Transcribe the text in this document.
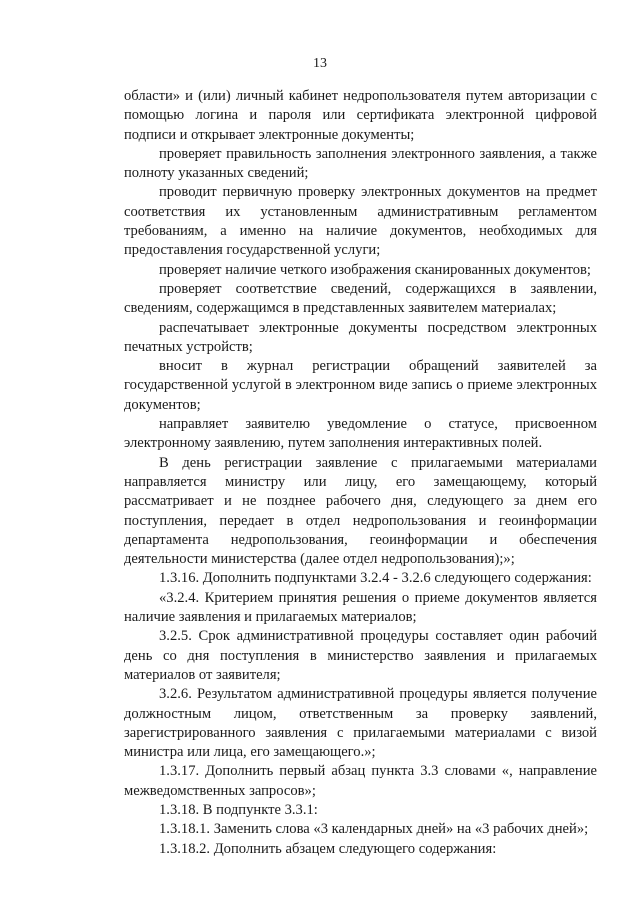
13

области» и (или) личный кабинет недропользователя путем авторизации с помощью логина и пароля или сертификата электронной цифровой подписи и открывает электронные документы;

проверяет правильность заполнения электронного заявления, а также полноту указанных сведений;

проводит первичную проверку электронных документов на предмет соответствия их установленным административным регламентом требованиям, а именно на наличие документов, необходимых для предоставления государственной услуги;

проверяет наличие четкого изображения сканированных документов;

проверяет соответствие сведений, содержащихся в заявлении, сведениям, содержащимся в представленных заявителем материалах;

распечатывает электронные документы посредством электронных печатных устройств;

вносит в журнал регистрации обращений заявителей за государственной услугой в электронном виде запись о приеме электронных документов;

направляет заявителю уведомление о статусе, присвоенном электронному заявлению, путем заполнения интерактивных полей.

В день регистрации заявление с прилагаемыми материалами направляется министру или лицу, его замещающему, который рассматривает и не позднее рабочего дня, следующего за днем его поступления, передает в отдел недропользования и геоинформации департамента недропользования, геоинформации и обеспечения деятельности министерства (далее отдел недропользования);»;

1.3.16. Дополнить подпунктами 3.2.4 - 3.2.6 следующего содержания:

«3.2.4. Критерием принятия решения о приеме документов является наличие заявления и прилагаемых материалов;

3.2.5. Срок административной процедуры составляет один рабочий день со дня поступления в министерство заявления и прилагаемых материалов от заявителя;

3.2.6. Результатом административной процедуры является получение должностным лицом, ответственным за проверку заявлений, зарегистрированного заявления с прилагаемыми материалами с визой министра или лица, его замещающего.»;

1.3.17. Дополнить первый абзац пункта 3.3 словами «, направление межведомственных запросов»;

1.3.18. В подпункте 3.3.1:

1.3.18.1. Заменить слова «3 календарных дней» на «3 рабочих дней»;

1.3.18.2. Дополнить абзацем следующего содержания:
